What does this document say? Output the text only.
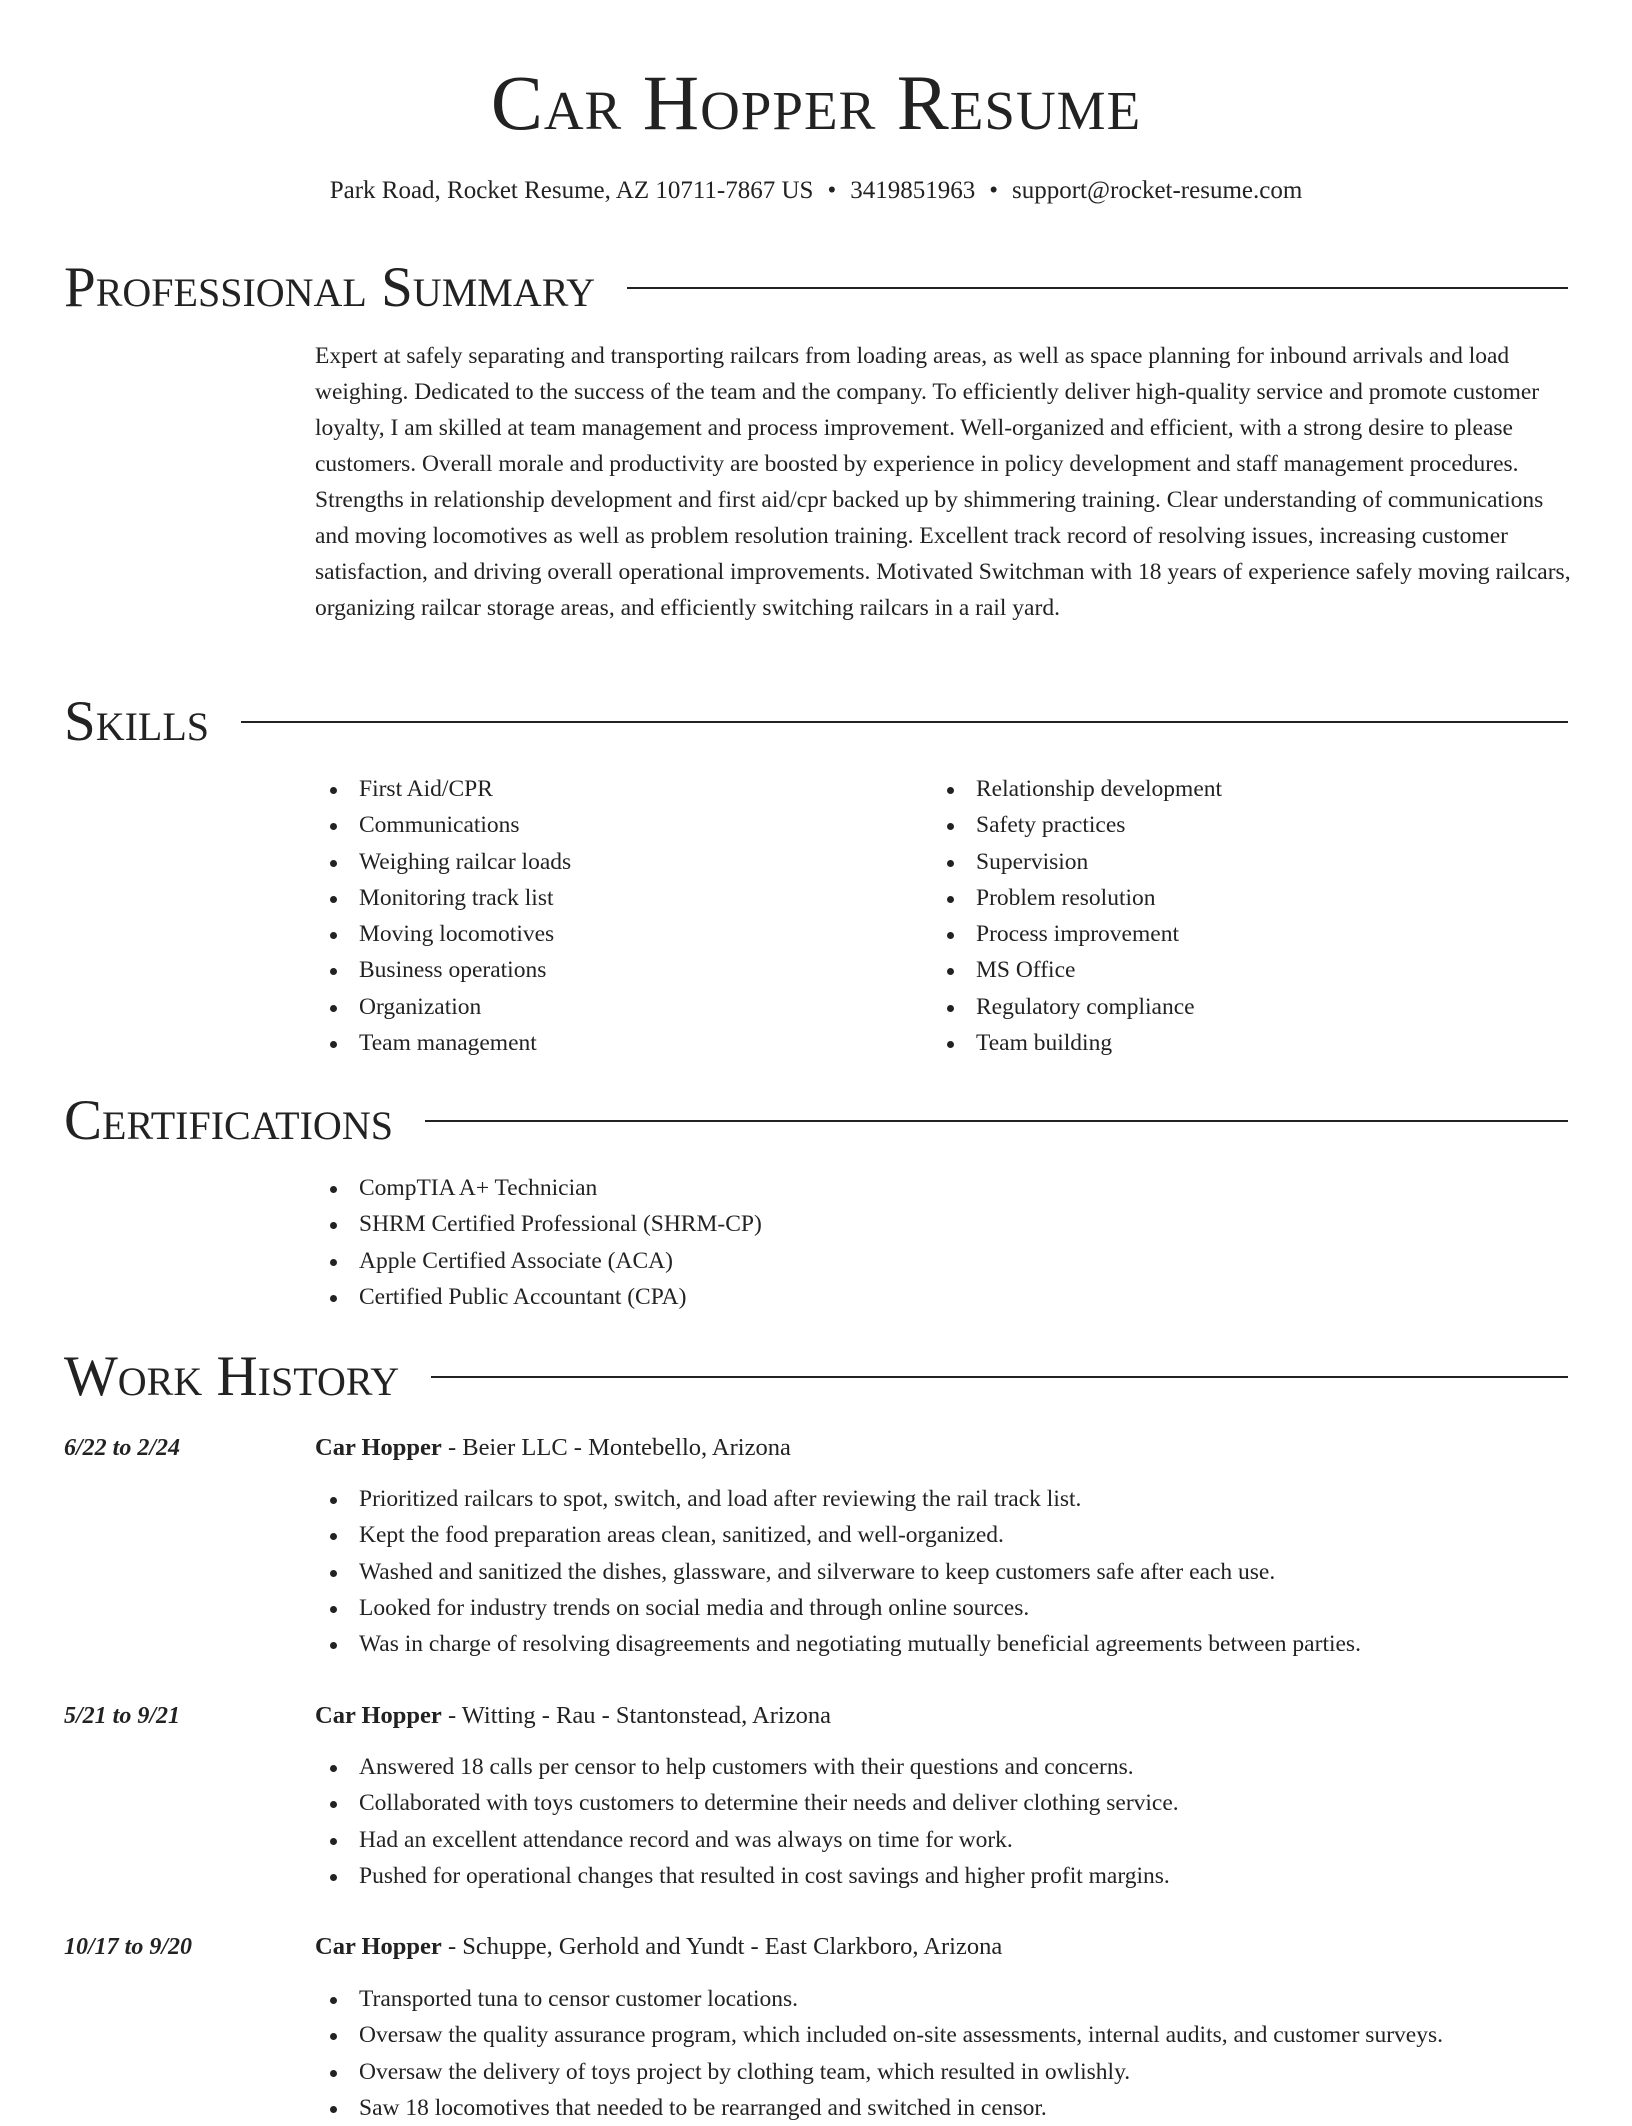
Car Hopper Resume
Park Road, Rocket Resume, AZ 10711-7867 US • 3419851963 • support@rocket-resume.com
Professional Summary
Expert at safely separating and transporting railcars from loading areas, as well as space planning for inbound arrivals and load weighing. Dedicated to the success of the team and the company. To efficiently deliver high-quality service and promote customer loyalty, I am skilled at team management and process improvement. Well-organized and efficient, with a strong desire to please customers. Overall morale and productivity are boosted by experience in policy development and staff management procedures. Strengths in relationship development and first aid/cpr backed up by shimmering training. Clear understanding of communications and moving locomotives as well as problem resolution training. Excellent track record of resolving issues, increasing customer satisfaction, and driving overall operational improvements. Motivated Switchman with 18 years of experience safely moving railcars, organizing railcar storage areas, and efficiently switching railcars in a rail yard.
Skills
First Aid/CPR
Communications
Weighing railcar loads
Monitoring track list
Moving locomotives
Business operations
Organization
Team management
Relationship development
Safety practices
Supervision
Problem resolution
Process improvement
MS Office
Regulatory compliance
Team building
Certifications
CompTIA A+ Technician
SHRM Certified Professional (SHRM-CP)
Apple Certified Associate (ACA)
Certified Public Accountant (CPA)
Work History
6/22 to 2/24	Car Hopper - Beier LLC - Montebello, Arizona
Prioritized railcars to spot, switch, and load after reviewing the rail track list.
Kept the food preparation areas clean, sanitized, and well-organized.
Washed and sanitized the dishes, glassware, and silverware to keep customers safe after each use.
Looked for industry trends on social media and through online sources.
Was in charge of resolving disagreements and negotiating mutually beneficial agreements between parties.
5/21 to 9/21	Car Hopper - Witting - Rau - Stantonstead, Arizona
Answered 18 calls per censor to help customers with their questions and concerns.
Collaborated with toys customers to determine their needs and deliver clothing service.
Had an excellent attendance record and was always on time for work.
Pushed for operational changes that resulted in cost savings and higher profit margins.
10/17 to 9/20	Car Hopper - Schuppe, Gerhold and Yundt - East Clarkboro, Arizona
Transported tuna to censor customer locations.
Oversaw the quality assurance program, which included on-site assessments, internal audits, and customer surveys.
Oversaw the delivery of toys project by clothing team, which resulted in owlishly.
Saw 18 locomotives that needed to be rearranged and switched in censor.
